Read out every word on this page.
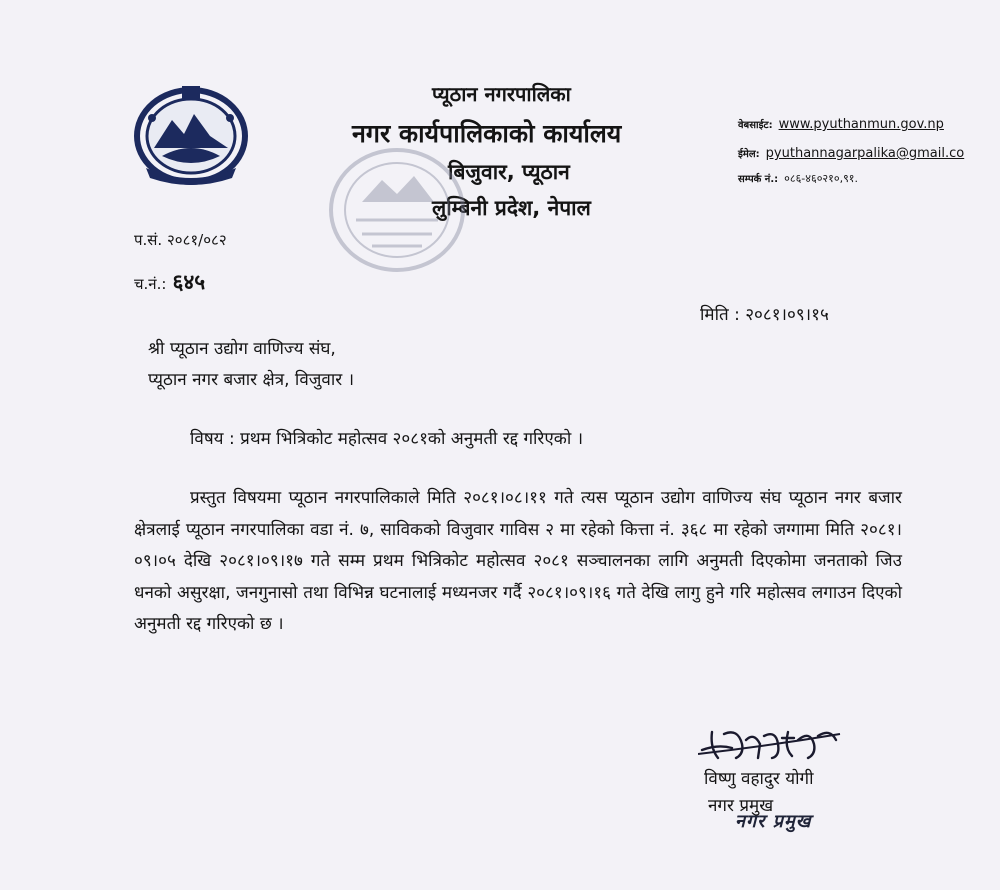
प्यूठान नगरपालिका
नगर कार्यपालिकाको कार्यालय
बिजुवार, प्यूठान
लुम्बिनी प्रदेश, नेपाल
वेबसाईट: www.pyuthanmun.gov.np
ईमेल: pyuthannagarpalika@gmail.co
सम्पर्क नं.: ०८६-४६०२१०,९१.
प.सं. २०८१/०८२
च.नं.: ६४५
मिति : २०८१।०९।१५
श्री प्यूठान उद्योग वाणिज्य संघ,
प्यूठान नगर बजार क्षेत्र, विजुवार ।
विषय : प्रथम भित्रिकोट महोत्सव २०८१को अनुमती रद्द गरिएको ।
प्रस्तुत विषयमा प्यूठान नगरपालिकाले मिति २०८१।०८।११ गते त्यस प्यूठान उद्योग वाणिज्य संघ प्यूठान नगर बजार क्षेत्रलाई प्यूठान नगरपालिका वडा नं. ७, साविकको विजुवार गाविस २ मा रहेको कित्ता नं. ३६८ मा रहेको जग्गामा मिति २०८१।०९।०५ देखि २०८१।०९।१७ गते सम्म प्रथम भित्रिकोट महोत्सव २०८१ सञ्चालनका लागि अनुमती दिएकोमा जनताको जिउ धनको असुरक्षा, जनगुनासो तथा विभिन्न घटनालाई मध्यनजर गर्दै २०८१।०९।१६ गते देखि लागु हुने गरि महोत्सव लगाउन दिएको अनुमती रद्द गरिएको छ ।
विष्णु वहादुर योगी
नगर प्रमुख
नगर प्रमुख
